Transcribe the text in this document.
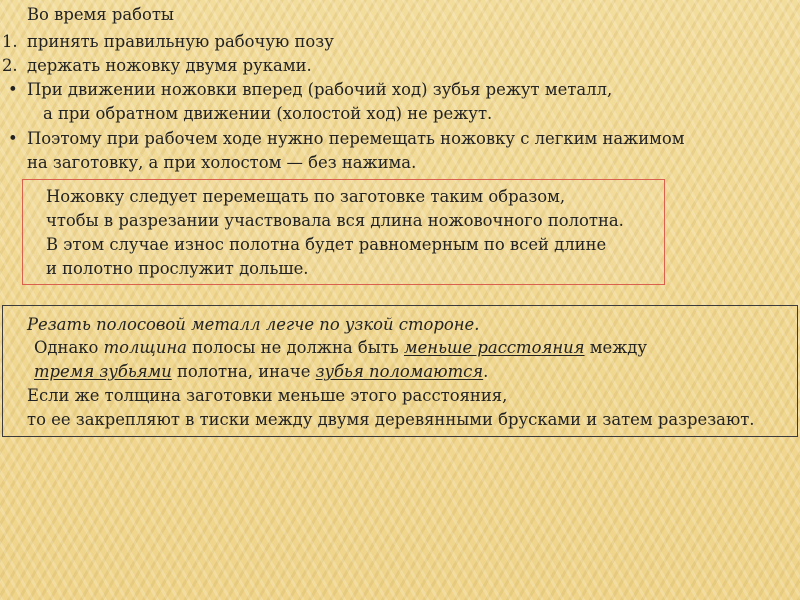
Во время работы
1. принять правильную рабочую позу
2. держать ножовку двумя руками.
• При движении ножовки вперед (рабочий ход) зубья режут металл,
а при обратном движении (холостой ход) не режут.
• Поэтому при рабочем ходе нужно перемещать ножовку с легким нажимом
на заготовку, а при холостом — без нажима.
Ножовку следует перемещать по заготовке таким образом,
чтобы в разрезании участвовала вся длина ножовочного полотна.
В этом случае износ полотна будет равномерным по всей длине
и полотно прослужит дольше.
Резать полосовой металл легче по узкой стороне.
Однако толщина полосы не должна быть меньше расстояния между
тремя зубьями полотна, иначе зубья поломаются.
Если же толщина заготовки меньше этого расстояния,
то ее закрепляют в тиски между двумя деревянными брусками и затем разрезают.
